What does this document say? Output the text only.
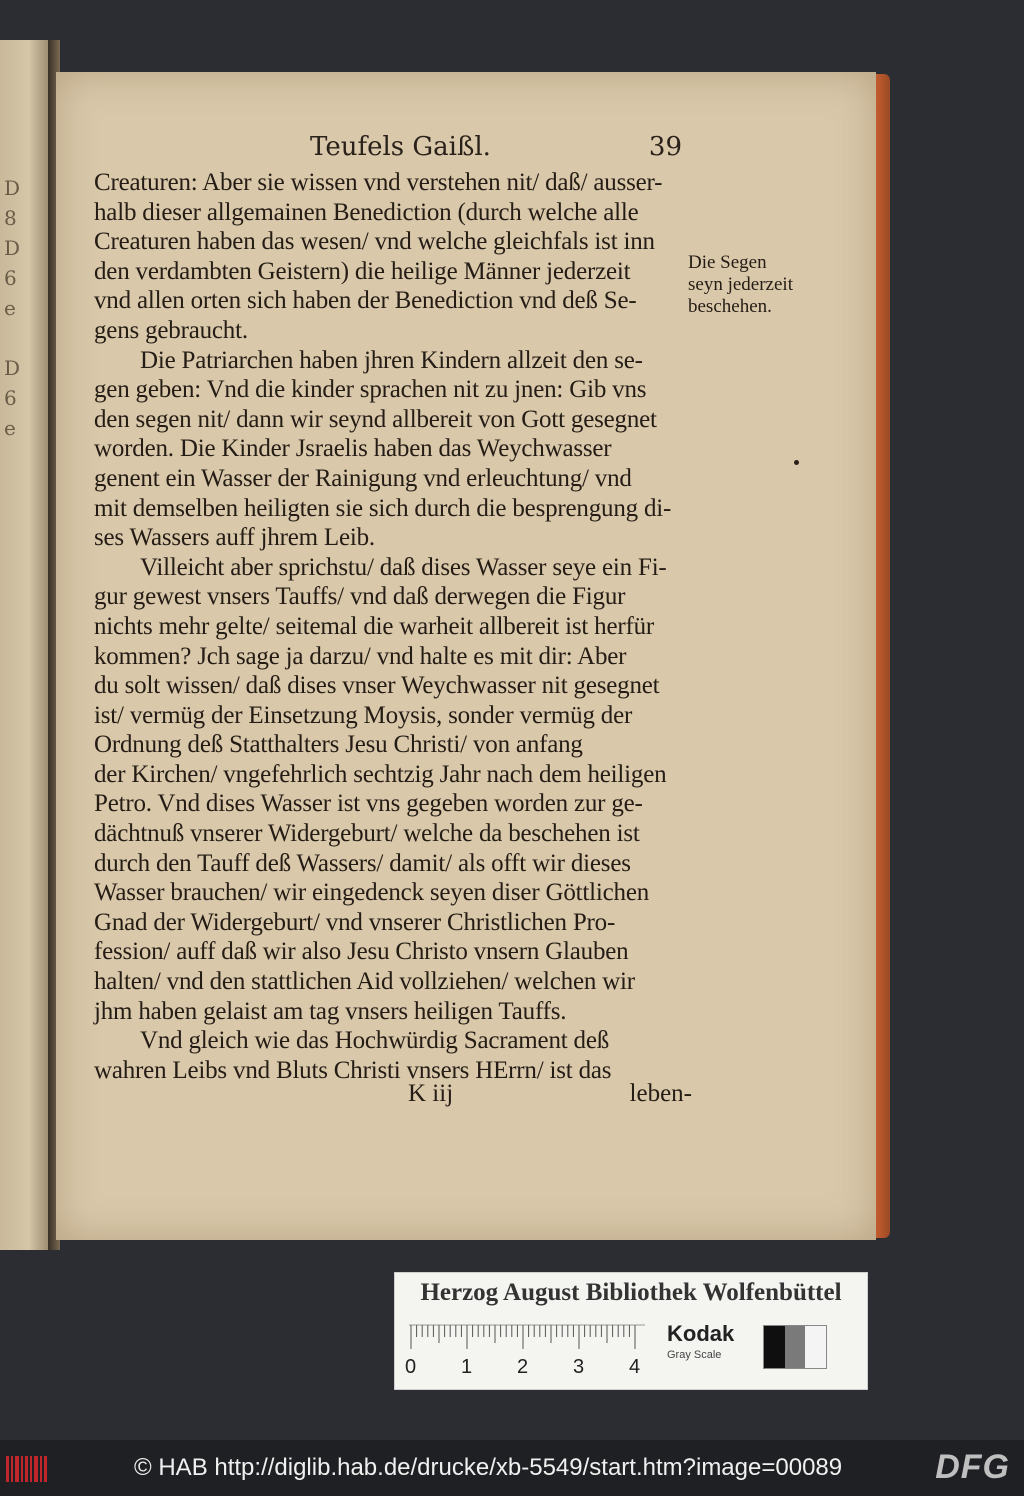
D
8
D
6
e
D
6
e
Teufels Gaißl.	39
Creaturen: Aber sie wissen vnd verstehen nit/ daß/ ausser-
halb dieser allgemainen Benediction (durch welche alle
Creaturen haben das wesen/ vnd welche gleichfals ist inn
den verdambten Geistern) die heilige Männer jederzeit
vnd allen orten sich haben der Benediction vnd deß Se-
gens gebraucht.
Die Patriarchen haben jhren Kindern allzeit den se-
gen geben: Vnd die kinder sprachen nit zu jnen: Gib vns
den segen nit/ dann wir seynd allbereit von Gott gesegnet
worden. Die Kinder Jsraelis haben das Weychwasser
genent ein Wasser der Rainigung vnd erleuchtung/ vnd
mit demselben heiligten sie sich durch die besprengung di-
ses Wassers auff jhrem Leib.
Villeicht aber sprichstu/ daß dises Wasser seye ein Fi-
gur gewest vnsers Tauffs/ vnd daß derwegen die Figur
nichts mehr gelte/ seitemal die warheit allbereit ist herfür
kommen? Jch sage ja darzu/ vnd halte es mit dir: Aber
du solt wissen/ daß dises vnser Weychwasser nit gesegnet
ist/ vermüg der Einsetzung Moysis, sonder vermüg der
Ordnung deß Statthalters Jesu Christi/ von anfang
der Kirchen/ vngefehrlich sechtzig Jahr nach dem heiligen
Petro. Vnd dises Wasser ist vns gegeben worden zur ge-
dächtnuß vnserer Widergeburt/ welche da beschehen ist
durch den Tauff deß Wassers/ damit/ als offt wir dieses
Wasser brauchen/ wir eingedenck seyen diser Göttlichen
Gnad der Widergeburt/ vnd vnserer Christlichen Pro-
fession/ auff daß wir also Jesu Christo vnsern Glauben
halten/ vnd den stattlichen Aid vollziehen/ welchen wir
jhm haben gelaist am tag vnsers heiligen Tauffs.
Vnd gleich wie das Hochwürdig Sacrament deß
wahren Leibs vnd Bluts Christi vnsers HErrn/ ist das
Die Segen
seyn jederzeit
beschehen.
K iij	leben-
Herzog August Bibliothek Wolfenbüttel
0 1 2 3 4
Kodak
Gray Scale
© HAB http://diglib.hab.de/drucke/xb-5549/start.htm?image=00089	DFG
